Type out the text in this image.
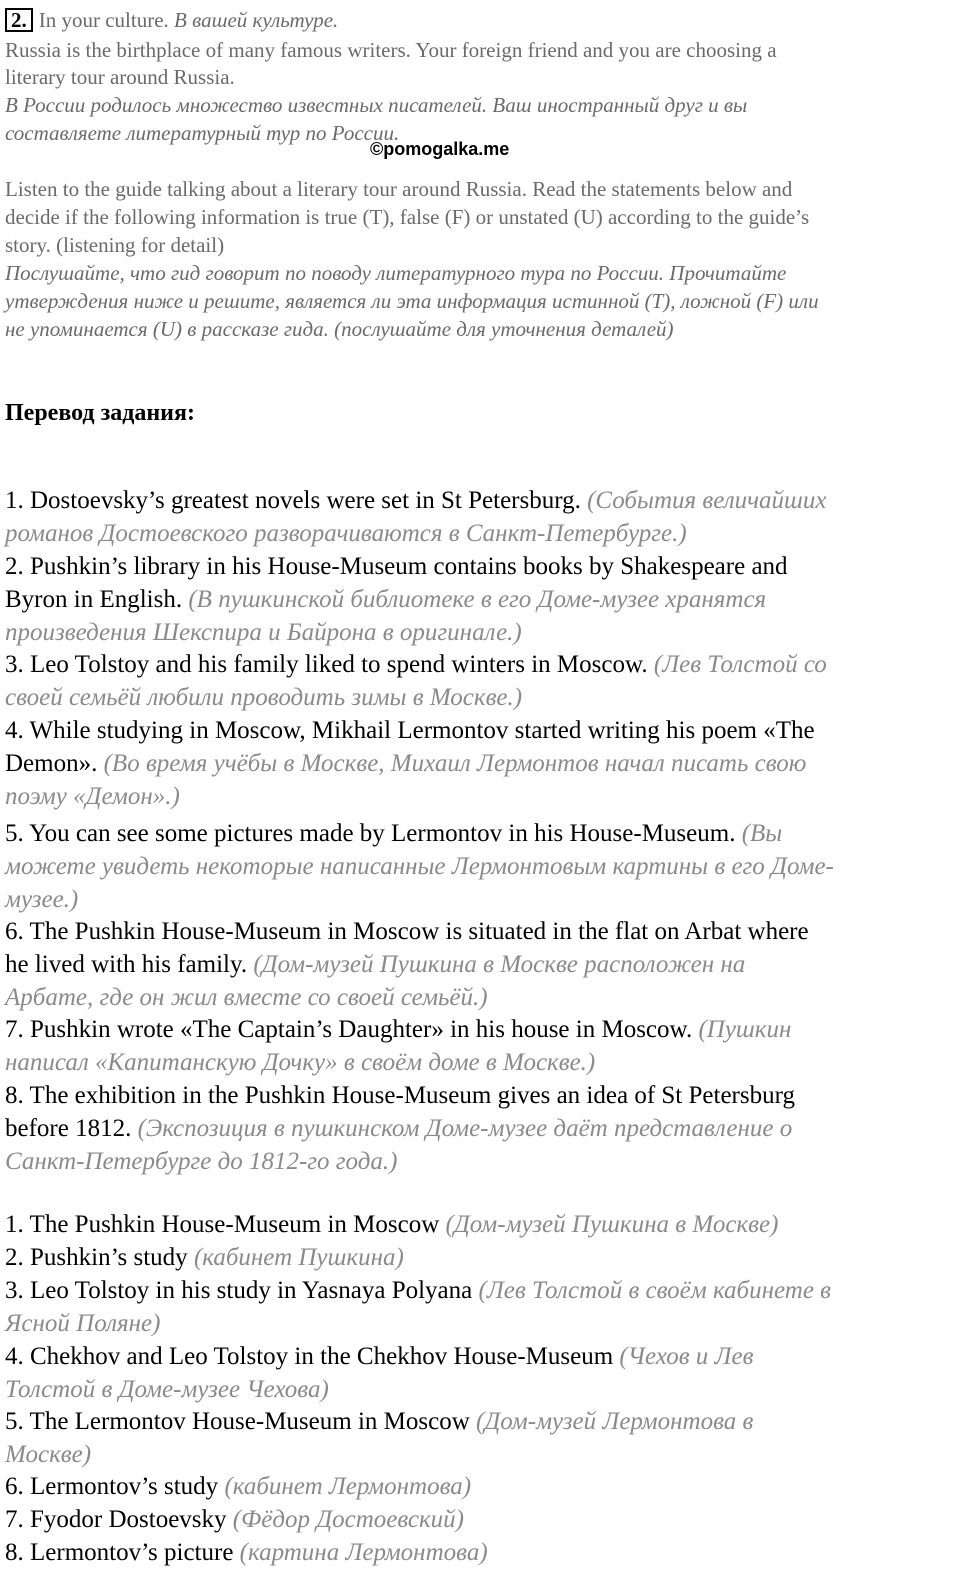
2. In your culture. В вашей культуре.
Russia is the birthplace of many famous writers. Your foreign friend and you are choosing a
literary tour around Russia.
В России родилось множество известных писателей. Ваш иностранный друг и вы
составляете литературный тур по России.
©pomogalka.me
Listen to the guide talking about a literary tour around Russia. Read the statements below and
decide if the following information is true (T), false (F) or unstated (U) according to the guide’s
story. (listening for detail)
Послушайте, что гид говорит по поводу литературного тура по России. Прочитайте
утверждения ниже и решите, является ли эта информация истинной (T), ложной (F) или
не упоминается (U) в рассказе гида. (послушайте для уточнения деталей)
Перевод задания:
1. Dostoevsky’s greatest novels were set in St Petersburg. (События величайших
романов Достоевского разворачиваются в Санкт-Петербурге.)
2. Pushkin’s library in his House-Museum contains books by Shakespeare and
Byron in English. (В пушкинской библиотеке в его Доме-музее хранятся
произведения Шекспира и Байрона в оригинале.)
3. Leo Tolstoy and his family liked to spend winters in Moscow. (Лев Толстой со
своей семьёй любили проводить зимы в Москве.)
4. While studying in Moscow, Mikhail Lermontov started writing his poem «The
Demon». (Во время учёбы в Москве, Михаил Лермонтов начал писать свою
поэму «Демон».)
5. You can see some pictures made by Lermontov in his House-Museum. (Вы
можете увидеть некоторые написанные Лермонтовым картины в его Доме-
музее.)
6. The Pushkin House-Museum in Moscow is situated in the flat on Arbat where
he lived with his family. (Дом-музей Пушкина в Москве расположен на
Арбате, где он жил вместе со своей семьёй.)
7. Pushkin wrote «The Captain’s Daughter» in his house in Moscow. (Пушкин
написал «Капитанскую Дочку» в своём доме в Москве.)
8. The exhibition in the Pushkin House-Museum gives an idea of St Petersburg
before 1812. (Экспозиция в пушкинском Доме-музее даёт представление о
Санкт-Петербурге до 1812-го года.)
1. The Pushkin House-Museum in Moscow (Дом-музей Пушкина в Москве)
2. Pushkin’s study (кабинет Пушкина)
3. Leo Tolstoy in his study in Yasnaya Polyana (Лев Толстой в своём кабинете в
Ясной Поляне)
4. Chekhov and Leo Tolstoy in the Chekhov House-Museum (Чехов и Лев
Толстой в Доме-музее Чехова)
5. The Lermontov House-Museum in Moscow (Дом-музей Лермонтова в
Москве)
6. Lermontov’s study (кабинет Лермонтова)
7. Fyodor Dostoevsky (Фёдор Достоевский)
8. Lermontov’s picture (картина Лермонтова)
